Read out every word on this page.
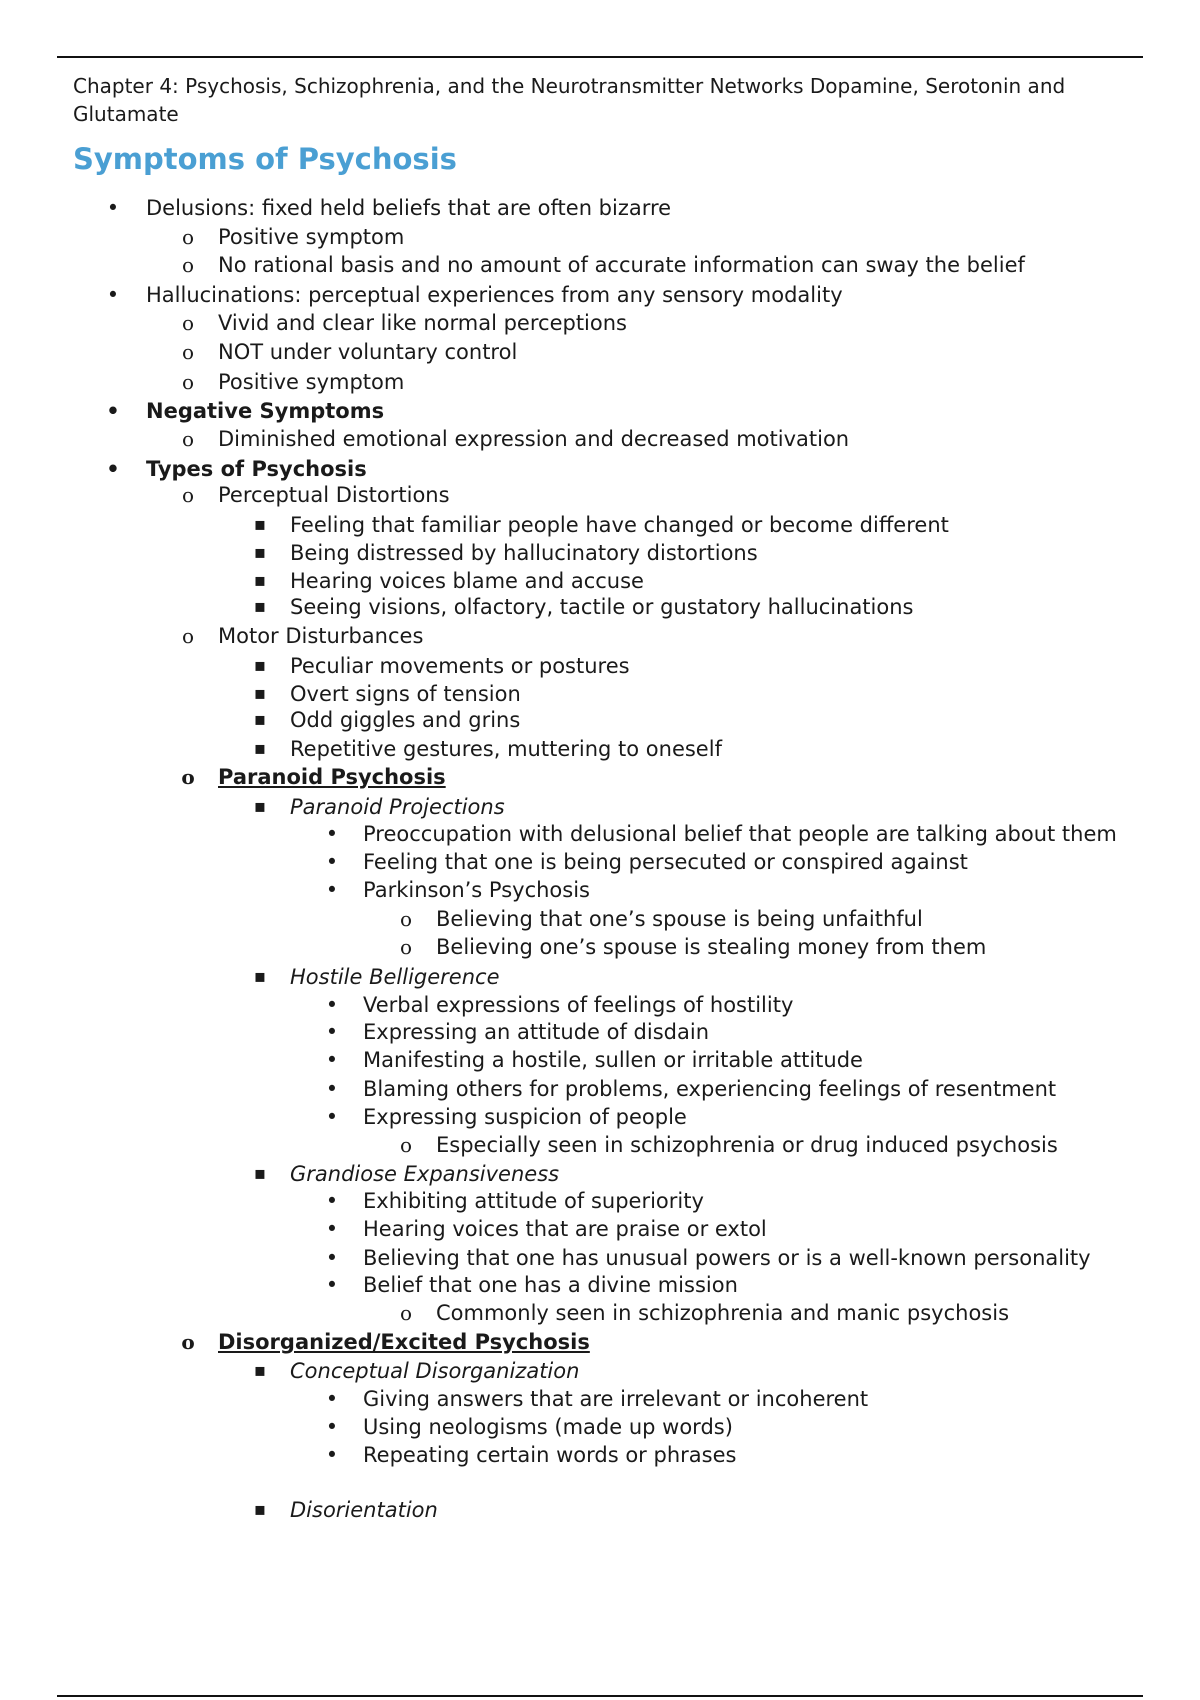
Chapter 4: Psychosis, Schizophrenia, and the Neurotransmitter Networks Dopamine, Serotonin and Glutamate

Symptoms of Psychosis
• Delusions: fixed held beliefs that are often bizarre
o Positive symptom
o No rational basis and no amount of accurate information can sway the belief
• Hallucinations: perceptual experiences from any sensory modality
o Vivid and clear like normal perceptions
o NOT under voluntary control
o Positive symptom
• Negative Symptoms
o Diminished emotional expression and decreased motivation
• Types of Psychosis
o Perceptual Distortions
▪ Feeling that familiar people have changed or become different
▪ Being distressed by hallucinatory distortions
▪ Hearing voices blame and accuse
▪ Seeing visions, olfactory, tactile or gustatory hallucinations
o Motor Disturbances
▪ Peculiar movements or postures
▪ Overt signs of tension
▪ Odd giggles and grins
▪ Repetitive gestures, muttering to oneself
o Paranoid Psychosis
▪ Paranoid Projections
• Preoccupation with delusional belief that people are talking about them
• Feeling that one is being persecuted or conspired against
• Parkinson’s Psychosis
o Believing that one’s spouse is being unfaithful
o Believing one’s spouse is stealing money from them
▪ Hostile Belligerence
• Verbal expressions of feelings of hostility
• Expressing an attitude of disdain
• Manifesting a hostile, sullen or irritable attitude
• Blaming others for problems, experiencing feelings of resentment
• Expressing suspicion of people
o Especially seen in schizophrenia or drug induced psychosis
▪ Grandiose Expansiveness
• Exhibiting attitude of superiority
• Hearing voices that are praise or extol
• Believing that one has unusual powers or is a well-known personality
• Belief that one has a divine mission
o Commonly seen in schizophrenia and manic psychosis
o Disorganized/Excited Psychosis
▪ Conceptual Disorganization
• Giving answers that are irrelevant or incoherent
• Using neologisms (made up words)
• Repeating certain words or phrases
▪ Disorientation
